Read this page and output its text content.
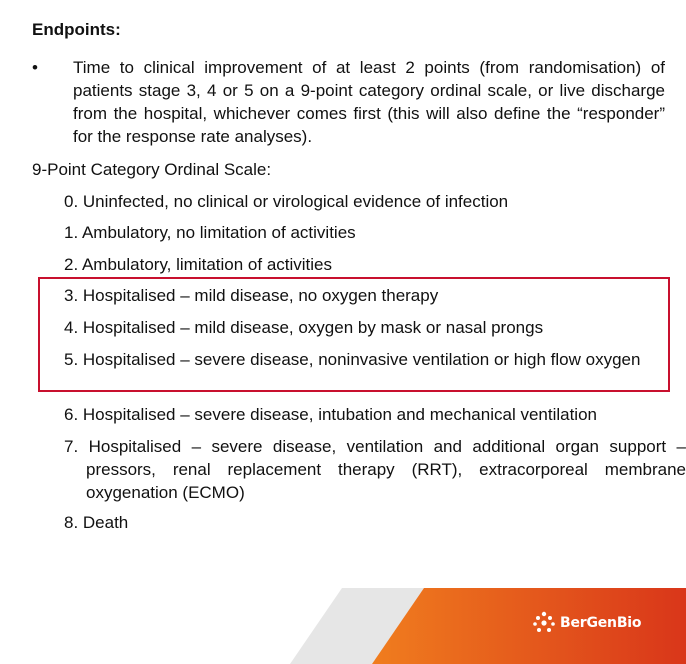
Endpoints:
• Time to clinical improvement of at least 2 points (from randomisation) of patients stage 3, 4 or 5 on a 9-point category ordinal scale, or live discharge from the hospital, whichever comes first (this will also define the “responder” for the response rate analyses).

9-Point Category Ordinal Scale:

0. Uninfected, no clinical or virological evidence of infection

1. Ambulatory, no limitation of activities

2. Ambulatory, limitation of activities

3. Hospitalised – mild disease, no oxygen therapy

4. Hospitalised – mild disease, oxygen by mask or nasal prongs

5. Hospitalised – severe disease, noninvasive ventilation or high flow oxygen

6. Hospitalised – severe disease, intubation and mechanical ventilation

7. Hospitalised – severe disease, ventilation and additional organ support – pressors, renal replacement therapy (RRT), extracorporeal membrane oxygenation (ECMO)

8. Death

BerGenBio
